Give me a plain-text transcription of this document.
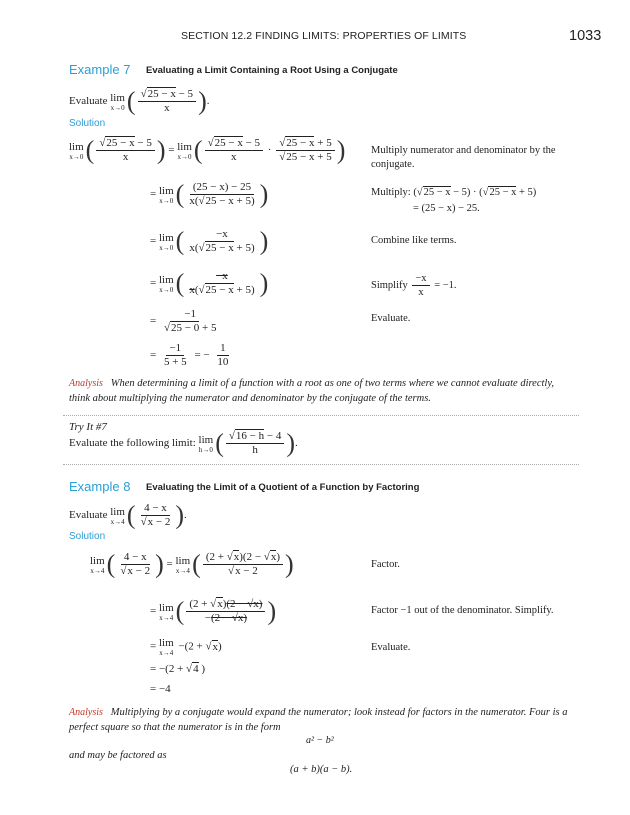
SECTION 12.2 FINDING LIMITS: PROPERTIES OF LIMITS	1033
Example 7 Evaluating a Limit Containing a Root Using a Conjugate
Evaluate lim
x→0 ( $\frac{√25 - x - 5}{x}$ ).
Solution
lim
x→0 ( $\frac{√25 - x - 5}{x}$ ) = lim
x→0 ( $\frac{√25 - x - 5}{x} \cdot \frac{√25 - x + 5}{√25 - x + 5}$ ) Multiply numerator and denominator by the
conjugate.
= lim
x→0 ( $\frac{(25 - x) - 25}{x(√25 - x + 5)}$ )	Multiply: (√25 − x − 5) · (√25 − x + 5)
= (25 − x) − 25.
= lim
x→0 ( $\frac{-x}{x(√25 - x + 5)}$ )	Combine like terms.
= lim
x→0 ( $\frac{-x}{x(√25 - x + 5)}$ )	Simplify $\frac{-x}{x} = -1$.
= $\frac{-1}{√25 - 0 + 5}$	Evaluate.
= $\frac{-1}{5 + 5}$ = − $\frac{1}{10}$
Analysis When determining a limit of a function with a root as one of two terms where we cannot evaluate directly,
think about multiplying the numerator and denominator by the conjugate of the terms.
Try It #7
Evaluate the following limit: lim
h→0 ( $\frac{√16 - h - 4}{h}$ ).
Example 8 Evaluating the Limit of a Quotient of a Function by Factoring
Evaluate lim
x→4 ( $\frac{4 - x}{√x - 2}$ ).
Solution
lim
x→4 ( $\frac{4 - x}{√x - 2}$ ) = lim
x→4 ( $\frac{(2 + √x)(2 - √x)}{√x - 2}$ )	Factor.
= lim
x→4 ( $\frac{(2 + √x)(2 - √x)}{-(2 - √x)}$ )	Factor −1 out of the denominator. Simplify.
= lim
x→4
−(2 + √x)	Evaluate.
= −(2 + √4 )
= −4
Analysis Multiplying by a conjugate would expand the numerator; look instead for factors in the numerator. Four is a
perfect square so that the numerator is in the form
a² − b²
and may be factored as
(a + b)(a − b).
